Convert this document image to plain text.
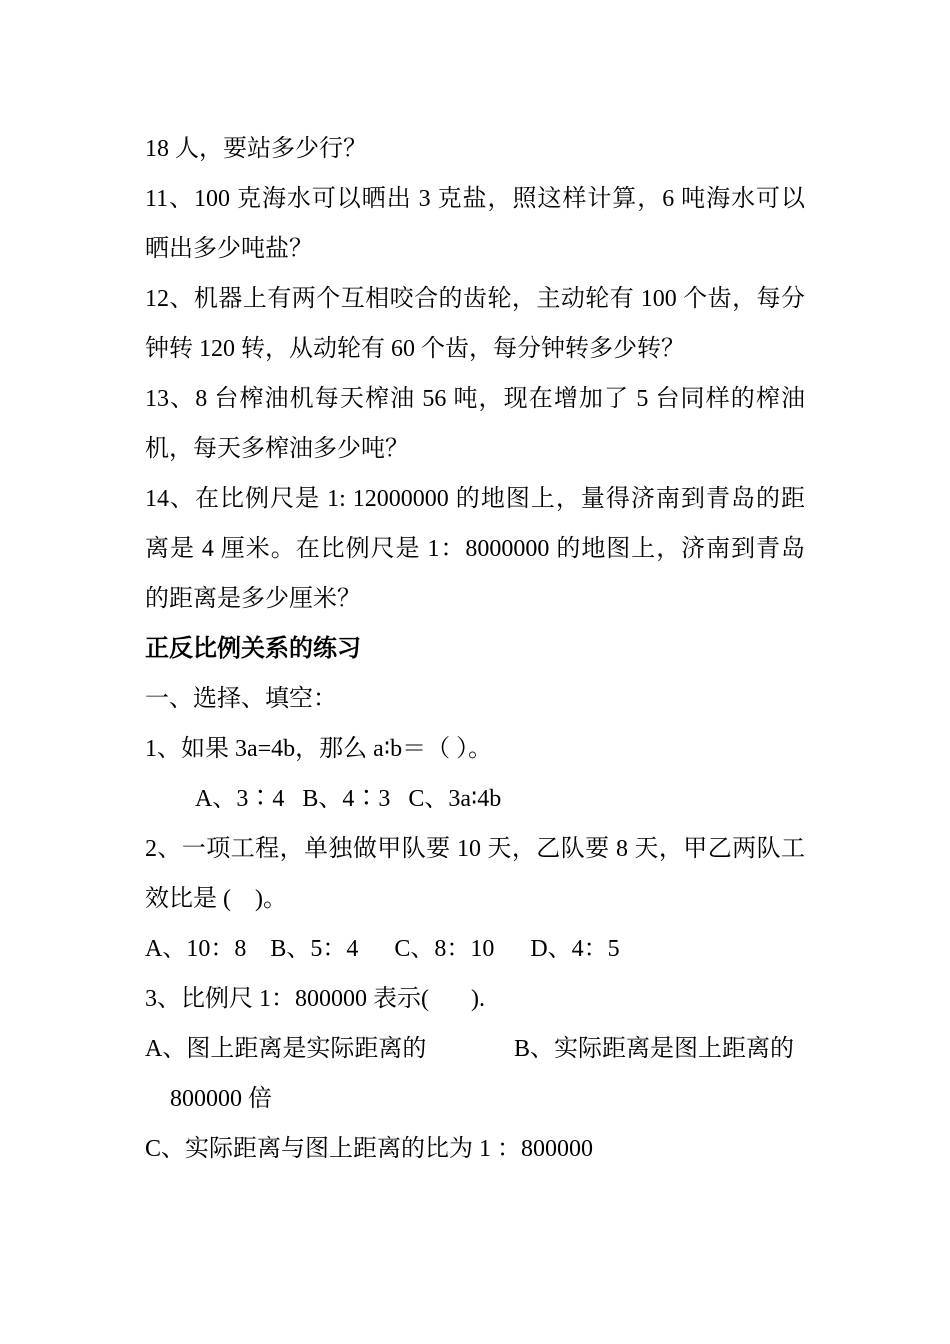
18 人，要站多少行？
11、100 克海水可以晒出 3 克盐，照这样计算，6 吨海水可以
晒出多少吨盐？
12、机器上有两个互相咬合的齿轮，主动轮有 100 个齿，每分
钟转 120 转，从动轮有 60 个齿，每分钟转多少转？
13、8 台榨油机每天榨油 56 吨，现在增加了 5 台同样的榨油
机，每天多榨油多少吨？
14、在比例尺是 1: 12000000 的地图上，量得济南到青岛的距
离是 4 厘米。在比例尺是 1：8000000 的地图上，济南到青岛
的距离是多少厘米？
正反比例关系的练习
一、选择、填空：
1、如果 3a=4b，那么 a∶b＝（ ）。
A、3∶4   B、4∶3   C、3a∶4b
2、一项工程，单独做甲队要 10 天，乙队要 8 天，甲乙两队工
效比是 (    )。
A、10：8    B、5：4      C、8：10      D、4：5
3、比例尺 1：800000 表示(       ).
A、图上距离是实际距离的	B、实际距离是图上距离的
800000 倍
C、实际距离与图上距离的比为 1 ：800000
